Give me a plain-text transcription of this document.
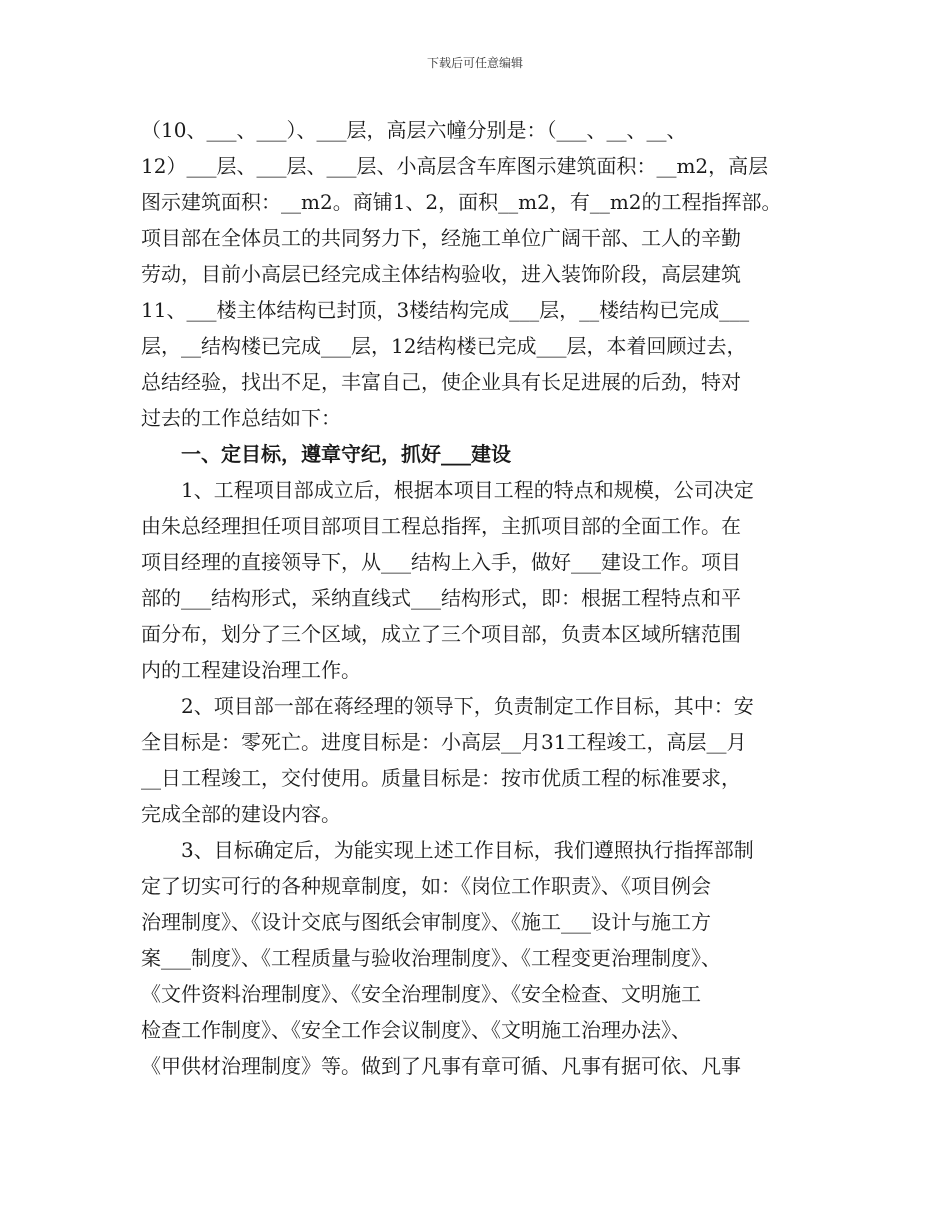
下载后可任意编辑
（10、___、___）、___层，高层六幢分别是：（___、__、__、
12）___层、___层、___层、小高层含车库图示建筑面积：__m2，高层
图示建筑面积：__m2。商铺1、2，面积__m2，有__m2的工程指挥部。
项目部在全体员工的共同努力下，经施工单位广阔干部、工人的辛勤
劳动，目前小高层已经完成主体结构验收，进入装饰阶段，高层建筑
11、___楼主体结构已封顶，3楼结构完成___层，__楼结构已完成___
层，__结构楼已完成___层，12结构楼已完成___层，本着回顾过去，
总结经验，找出不足，丰富自己，使企业具有长足进展的后劲，特对
过去的工作总结如下：
一、定目标，遵章守纪，抓好___建设
1、工程项目部成立后，根据本项目工程的特点和规模，公司决定
由朱总经理担任项目部项目工程总指挥，主抓项目部的全面工作。在
项目经理的直接领导下，从___结构上入手，做好___建设工作。项目
部的___结构形式，采纳直线式___结构形式，即：根据工程特点和平
面分布，划分了三个区域，成立了三个项目部，负责本区域所辖范围
内的工程建设治理工作。
2、项目部一部在蒋经理的领导下，负责制定工作目标，其中：安
全目标是：零死亡。进度目标是：小高层__月31工程竣工，高层__月
__日工程竣工，交付使用。质量目标是：按市优质工程的标准要求，
完成全部的建设内容。
3、目标确定后，为能实现上述工作目标，我们遵照执行指挥部制
定了切实可行的各种规章制度，如：《岗位工作职责》、《项目例会
治理制度》、《设计交底与图纸会审制度》、《施工___设计与施工方
案___制度》、《工程质量与验收治理制度》、《工程变更治理制度》、
《文件资料治理制度》、《安全治理制度》、《安全检查、文明施工
检查工作制度》、《安全工作会议制度》、《文明施工治理办法》、
《甲供材治理制度》等。做到了凡事有章可循、凡事有据可依、凡事
